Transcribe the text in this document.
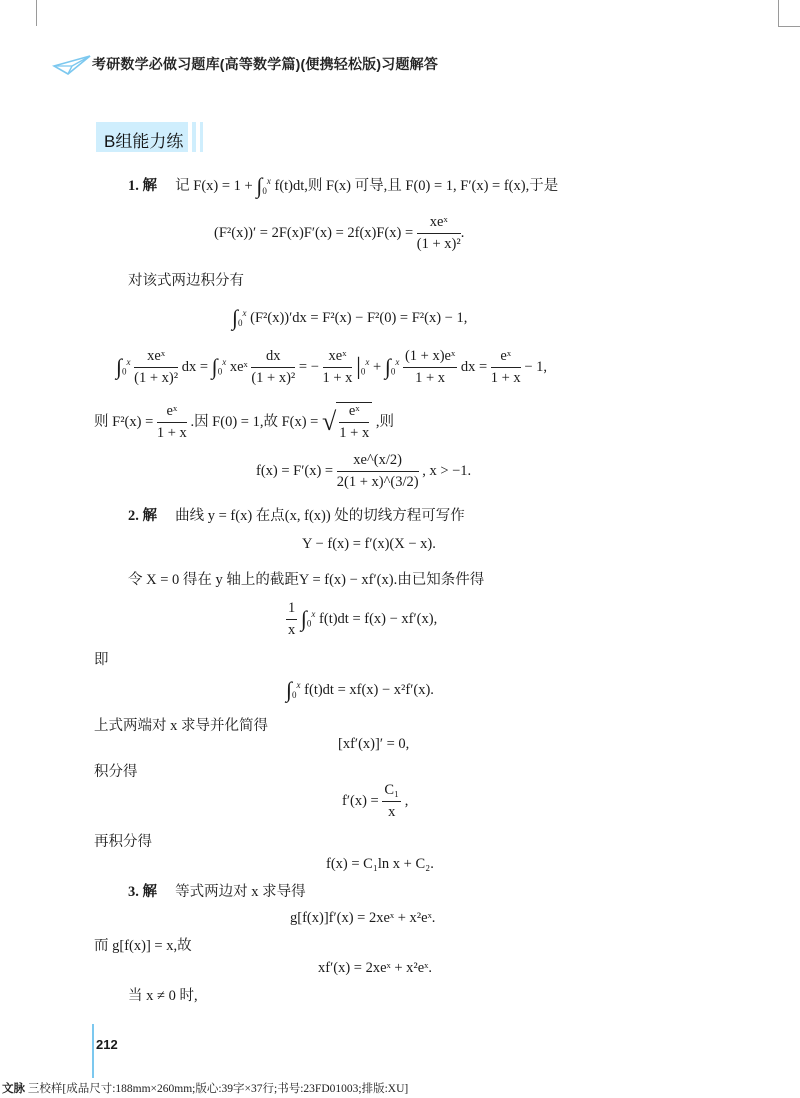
考研数学必做习题库(高等数学篇)(便携轻松版)习题解答
B组能力练
1. 解 记 $F(x) = 1 + \int_0^x$ f(t)dt,则 F(x) 可导,且 F(0) = 1, F′(x) = f(x),于是
$(F^2(x))' = 2F(x)F'(x) = 2f(x)F(x) = \frac{\text{xeˣ}}{\text{(1 + x)²}}$ .
对该式两边积分有
$\int_0^x$ (F²(x))′dx = F²(x) − F²(0) = F²(x) − 1,
$\int_0^x \frac{\text{xeˣ}}{\text{(1 + x)²}}$ dx = $\int_0^x$ xeˣ $\frac{dx}{\text{(1 + x)²}}$ = − $\frac{\text{xeˣ}}{1 + x} |_0^x + \int_0^x \frac{\text{(1 + x)eˣ}}{1 + x}$ dx = $\frac{\text{eˣ}}{1 + x} - 1$,
则 $F^2(x) = \frac{\text{eˣ}}{1 + x}$ .因 F(0) = 1,故 F(x) = √ $\frac{\text{eˣ}}{1 + x}$ ,则
$f(x) = F'(x) = \frac{xe\^{}(x/2)}{2(1 + x)\^{}(3/2)}$ , x > −1.
2. 解 曲线 y = f(x) 在点(x, f(x)) 处的切线方程可写作
Y − f(x) = f′(x)(X − x).
令 X = 0 得在 y 轴上的截距Y = f(x) − xf′(x).由已知条件得
$\frac{1}{x} \int_0^x$ f(t)dt = f(x) − xf′(x),
即
$\int_0^x$ f(t)dt = xf(x) − x²f′(x).
上式两端对 x 求导并化简得
[xf′(x)]′ = 0,
积分得
$f'(x) = \frac{\text{C₁}}{x}$ ,
再积分得
f(x) = C₁ln x + C₂.
3. 解 等式两边对 x 求导得
g[f(x)]f′(x) = 2xeˣ + x²eˣ.
而 g[f(x)] = x,故
xf′(x) = 2xeˣ + x²eˣ.
当 x ≠ 0 时,
212
文脉 三校样[成品尺寸:188mm×260mm;版心:39字×37行;书号:23FD01003;排版:XU]
